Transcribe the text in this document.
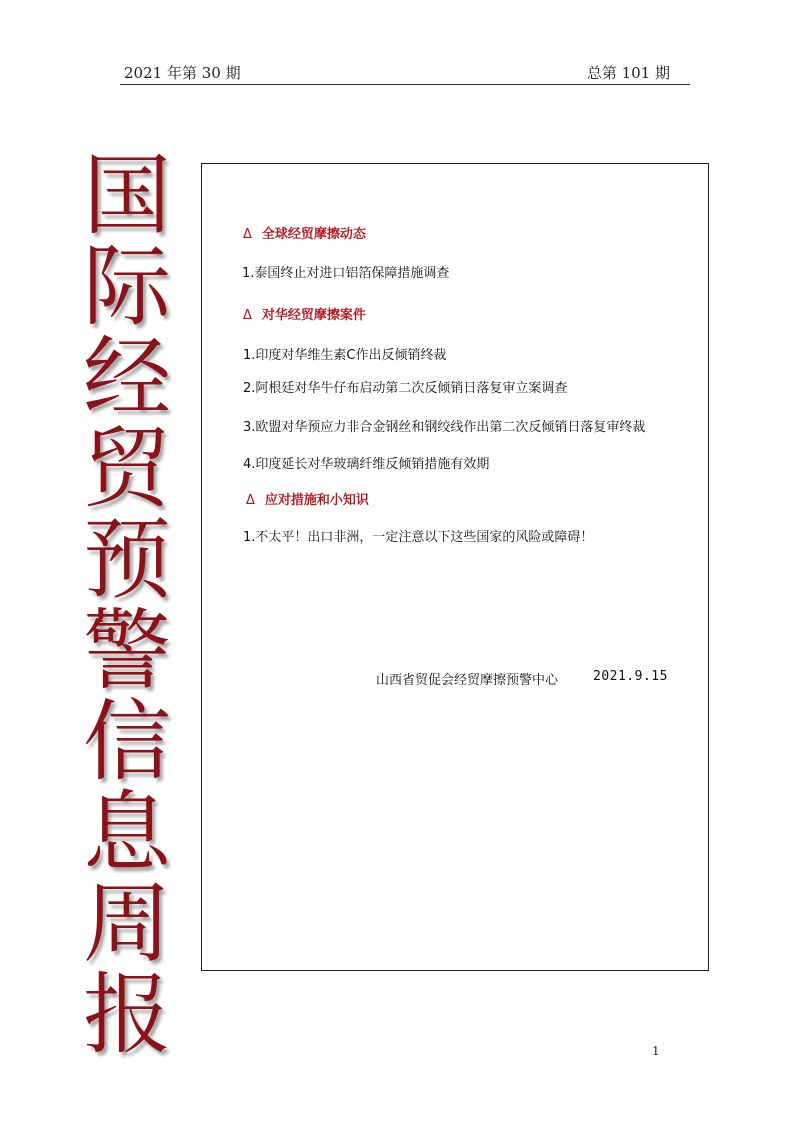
2021 年第 30 期	总第 101 期
国
际
经
贸
预
警
信
息
周
报
Δ 全球经贸摩擦动态
1.泰国终止对进口铝箔保障措施调查
Δ 对华经贸摩擦案件
1.印度对华维生素C作出反倾销终裁
2.阿根廷对华牛仔布启动第二次反倾销日落复审立案调查
3.欧盟对华预应力非合金钢丝和钢绞线作出第二次反倾销日落复审终裁
4.印度延长对华玻璃纤维反倾销措施有效期
Δ 应对措施和小知识
1.不太平！出口非洲，一定注意以下这些国家的风险或障碍！
山西省贸促会经贸摩擦预警中心	2021.9.15
1
